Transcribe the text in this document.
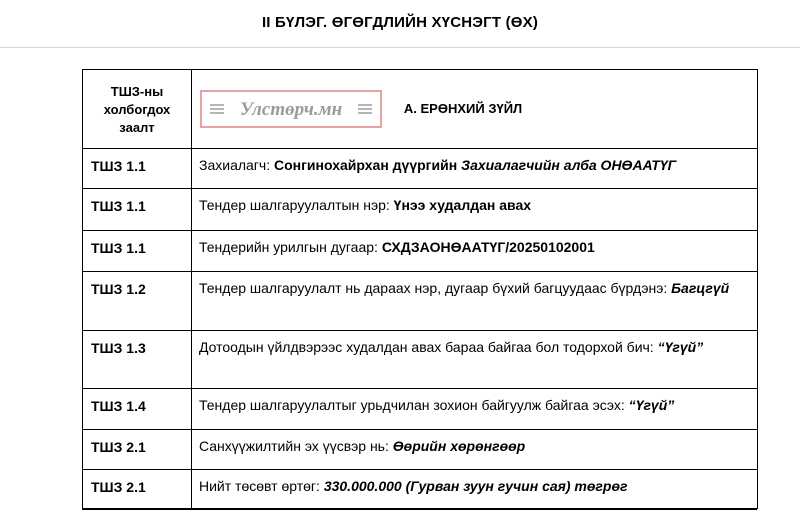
II БҮЛЭГ. ӨГӨГДЛИЙН ХҮСНЭГТ (ӨХ)
ТШЗ-ны холбогдох заалт	Улстөрч.мн А. ЕРӨНХИЙ ЗҮЙЛ
ТШЗ 1.1	Захиалагч: Сонгинохайрхан дүүргийн Захиалагчийн алба ОНӨААТҮГ
ТШЗ 1.1	Тендер шалгаруулалтын нэр: Үнээ худалдан авах
ТШЗ 1.1	Тендерийн урилгын дугаар: СХДЗАОНӨААТҮГ/20250102001
ТШЗ 1.2	Тендер шалгаруулалт нь дараах нэр, дугаар бүхий багцуудаас бүрдэнэ: Багцгүй
ТШЗ 1.3	Дотоодын үйлдвэрээс худалдан авах бараа байгаа бол тодорхой бич: “Үгүй”
ТШЗ 1.4	Тендер шалгаруулалтыг урьдчилан зохион байгуулж байгаа эсэх: “Үгүй”
ТШЗ 2.1	Санхүүжилтийн эх үүсвэр нь: Өөрийн хөрөнгөөр
ТШЗ 2.1	Нийт төсөвт өртөг: 330.000.000 (Гурван зуун гучин сая) төгрөг
